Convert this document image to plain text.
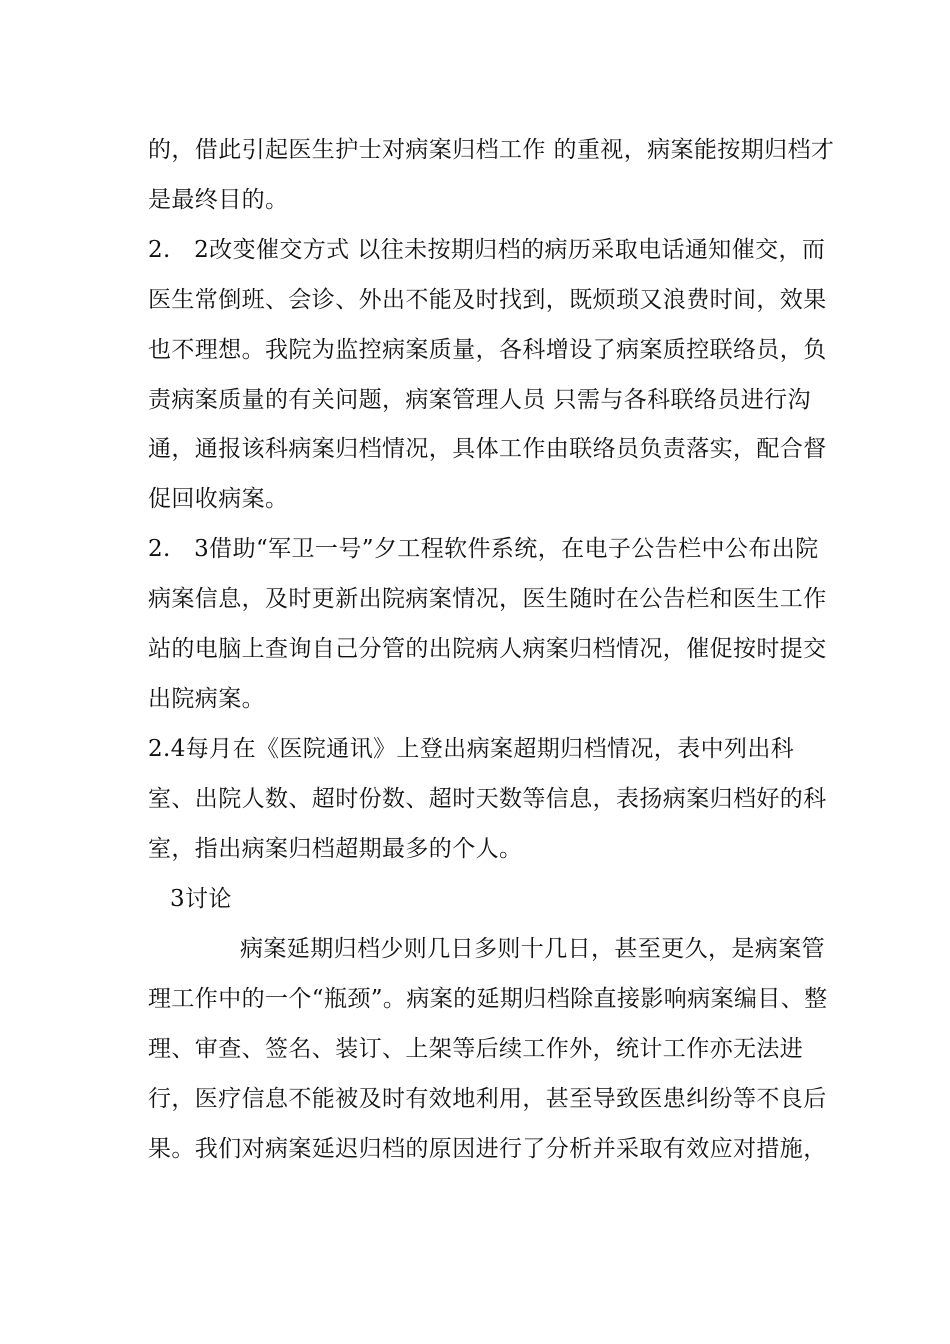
的，借此引起医生护士对病案归档工作 的重视，病案能按期归档才
是最终目的。
2.　2改变催交方式 以往未按期归档的病历采取电话通知催交，而
医生常倒班、会诊、外出不能及时找到，既烦琐又浪费时间，效果
也不理想。我院为监控病案质量，各科增设了病案质控联络员，负
责病案质量的有关问题，病案管理人员 只需与各科联络员进行沟
通，通报该科病案归档情况，具体工作由联络员负责落实，配合督
促回收病案。
2.　3借助“军卫一号”夕工程软件系统，在电子公告栏中公布出院
病案信息，及时更新出院病案情况，医生随时在公告栏和医生工作
站的电脑上查询自己分管的出院病人病案归档情况，催促按时提交
出院病案。
2.4每月在《医院通讯》上登出病案超期归档情况，表中列出科
室、出院人数、超时份数、超时天数等信息，表扬病案归档好的科
室，指出病案归档超期最多的个人。
3讨论
病案延期归档少则几日多则十几日，甚至更久，是病案管
理工作中的一个“瓶颈”。病案的延期归档除直接影响病案编目、整
理、审查、签名、装订、上架等后续工作外，统计工作亦无法进
行，医疗信息不能被及时有效地利用，甚至导致医患纠纷等不良后
果。我们对病案延迟归档的原因进行了分析并采取有效应对措施，
